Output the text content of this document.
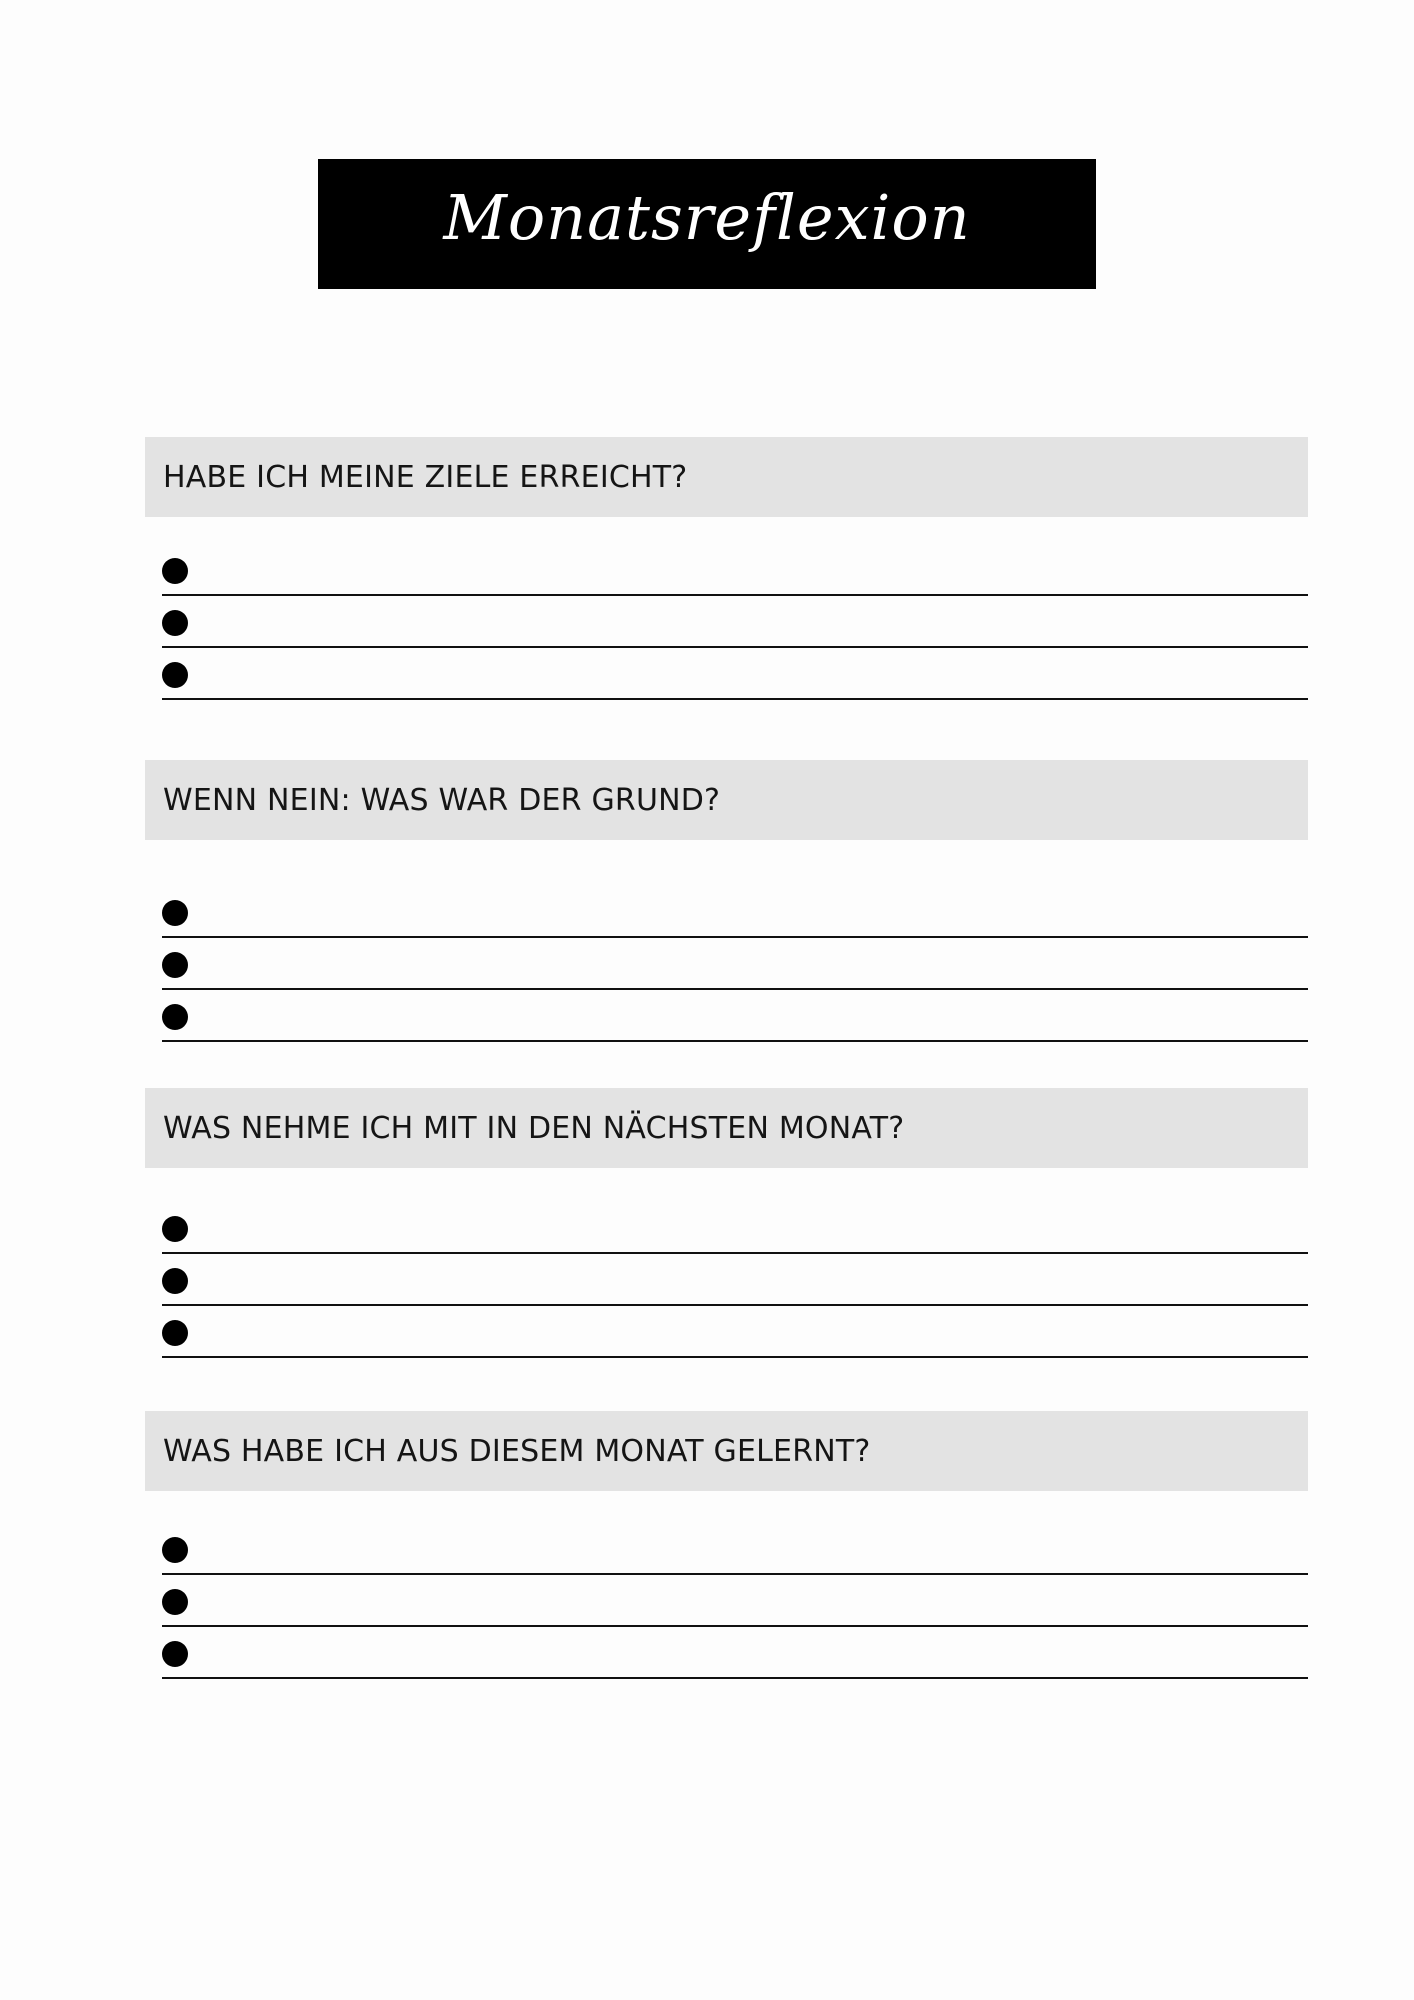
Monatsreflexion
HABE ICH MEINE ZIELE ERREICHT?
WENN NEIN: WAS WAR DER GRUND?
WAS NEHME ICH MIT IN DEN NÄCHSTEN MONAT?
WAS HABE ICH AUS DIESEM MONAT GELERNT?
